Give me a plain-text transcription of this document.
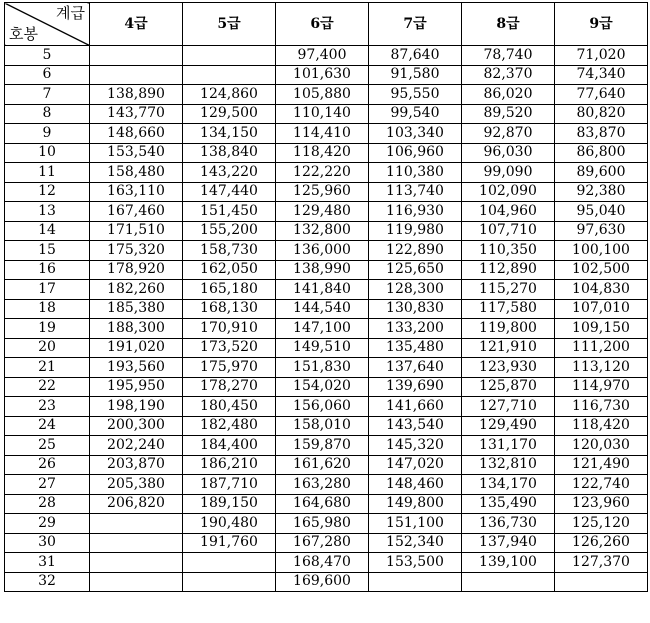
계급
호봉	4급	5급	6급	7급	8급	9급
5			97,400	87,640	78,740	71,020
6			101,630	91,580	82,370	74,340
7	138,890	124,860	105,880	95,550	86,020	77,640
8	143,770	129,500	110,140	99,540	89,520	80,820
9	148,660	134,150	114,410	103,340	92,870	83,870
10	153,540	138,840	118,420	106,960	96,030	86,800
11	158,480	143,220	122,220	110,380	99,090	89,600
12	163,110	147,440	125,960	113,740	102,090	92,380
13	167,460	151,450	129,480	116,930	104,960	95,040
14	171,510	155,200	132,800	119,980	107,710	97,630
15	175,320	158,730	136,000	122,890	110,350	100,100
16	178,920	162,050	138,990	125,650	112,890	102,500
17	182,260	165,180	141,840	128,300	115,270	104,830
18	185,380	168,130	144,540	130,830	117,580	107,010
19	188,300	170,910	147,100	133,200	119,800	109,150
20	191,020	173,520	149,510	135,480	121,910	111,200
21	193,560	175,970	151,830	137,640	123,930	113,120
22	195,950	178,270	154,020	139,690	125,870	114,970
23	198,190	180,450	156,060	141,660	127,710	116,730
24	200,300	182,480	158,010	143,540	129,490	118,420
25	202,240	184,400	159,870	145,320	131,170	120,030
26	203,870	186,210	161,620	147,020	132,810	121,490
27	205,380	187,710	163,280	148,460	134,170	122,740
28	206,820	189,150	164,680	149,800	135,490	123,960
29		190,480	165,980	151,100	136,730	125,120
30		191,760	167,280	152,340	137,940	126,260
31			168,470	153,500	139,100	127,370
32			169,600			
